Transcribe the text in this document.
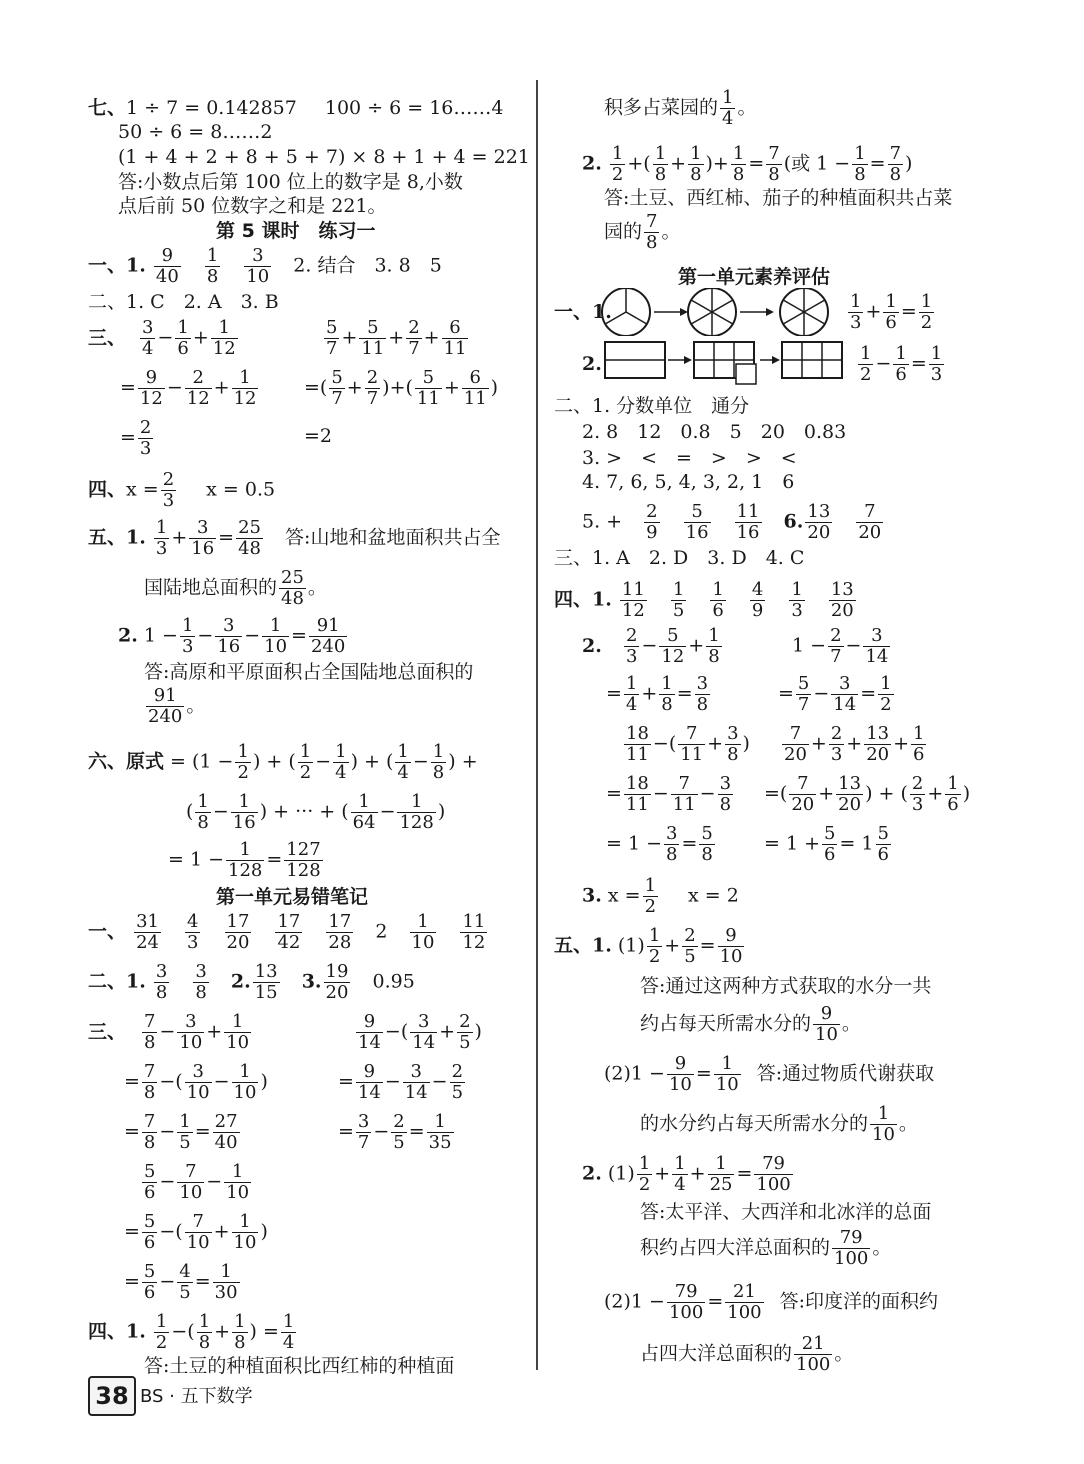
七、1 ÷ 7 = 0.142857 100 ÷ 6 = 16……4
50 ÷ 6 = 8……2
(1 + 4 + 2 + 8 + 5 + 7) × 8 + 1 + 4 = 221
答:小数点后第 100 位上的数字是 8,小数
点后前 50 位数字之和是 221。
第 5 课时　练习一
一、1. $\frac{9}{40}$
$\frac{1}{8}$
$\frac{3}{10} 2$. 结合　3. 8　5
二、1. C　2. A　3. B
三、 $\frac{3}{4} - \frac{1}{6} + \frac{1}{12}$
= $\frac{9}{12} - \frac{2}{12} + \frac{1}{12}$
= $\frac{2}{3}$
$\frac{5}{7} + \frac{5}{11} + \frac{2}{7} + \frac{6}{11}$
=( $\frac{5}{7} + \frac{2}{7}$ )+( $\frac{5}{11} + \frac{6}{11}$ )
=2
四、$x = \frac{2}{3}$ x = 0.5
五、1. $\frac{1}{3} + \frac{3}{16} = \frac{25}{48}$ 答:山地和盆地面积共占全
国陆地总面积的 $\frac{25}{48}$ 。
2. $1 - \frac{1}{3} - \frac{3}{16} - \frac{1}{10} = \frac{91}{240}$
答:高原和平原面积占全国陆地总面积的
$\frac{91}{240}$ 。
六、原式 = ($1 - \frac{1}{2}$ ) + ( $\frac{1}{2} - \frac{1}{4}$ ) + ( $\frac{1}{4} - \frac{1}{8}$ ) +
( $\frac{1}{8} - \frac{1}{16}$ ) + ··· + ( $\frac{1}{64} - \frac{1}{128}$ )
= $1 - \frac{1}{128} = \frac{127}{128}$
第一单元易错笔记
一、 $\frac{31}{24}$
$\frac{4}{3}$
$\frac{17}{20}$
$\frac{17}{42}$
$\frac{17}{28} 2 \frac{1}{10}$
$\frac{11}{12}$
二、1. $\frac{3}{8}$
$\frac{3}{8} 2$. $\frac{13}{15} 3$. $\frac{19}{20} 0.95$
三、 $\frac{7}{8} - \frac{3}{10} + \frac{1}{10}$
= $\frac{7}{8}$ −( $\frac{3}{10} - \frac{1}{10}$ )
= $\frac{7}{8} - \frac{1}{5} = \frac{27}{40}$
$\frac{5}{6} - \frac{7}{10} - \frac{1}{10}$
= $\frac{5}{6}$ −( $\frac{7}{10} + \frac{1}{10}$ )
= $\frac{5}{6} - \frac{4}{5} = \frac{1}{30}$
$\frac{9}{14}$ −( $\frac{3}{14} + \frac{2}{5}$ )
= $\frac{9}{14} - \frac{3}{14} - \frac{2}{5}$
= $\frac{3}{7} - \frac{2}{5} = \frac{1}{35}$
四、1. $\frac{1}{2}$ −( $\frac{1}{8} + \frac{1}{8}$ ) = $\frac{1}{4}$
答:土豆的种植面积比西红柿的种植面
积多占菜园的 $\frac{1}{4}$ 。
2. $\frac{1}{2}$ +( $\frac{1}{8} + \frac{1}{8}$ )+ $\frac{1}{8} = \frac{7}{8}$ (或 $1 - \frac{1}{8} = \frac{7}{8}$ )
答:土豆、西红柿、茄子的种植面积共占菜
园的 $\frac{7}{8}$ 。
第一单元素养评估
一、1.	$\frac{1}{3} + \frac{1}{6} = \frac{1}{2}$
2.	$\frac{1}{2} - \frac{1}{6} = \frac{1}{3}$
二、1. 分数单位　通分
2. 8　12　0.8　5　20　0.83
3. >　<　=　>　>　<
4. 7, 6, 5, 4, 3, 2, 1　6
5. + $\frac{2}{9}$
$\frac{5}{16}$
$\frac{11}{16} 6$. $\frac{13}{20}$
$\frac{7}{20}$
三、1. A　2. D　3. D　4. C
四、1. $\frac{11}{12}$
$\frac{1}{5}$
$\frac{1}{6}$
$\frac{4}{9}$
$\frac{1}{3}$
$\frac{13}{20}$
2. $\frac{2}{3} - \frac{5}{12} + \frac{1}{8}$
= $\frac{1}{4} + \frac{1}{8} = \frac{3}{8}$
$\frac{18}{11}$ −( $\frac{7}{11} + \frac{3}{8}$ )
= $\frac{18}{11} - \frac{7}{11} - \frac{3}{8}$
= $1 - \frac{3}{8} = \frac{5}{8}$
$1 - \frac{2}{7} - \frac{3}{14}$
= $\frac{5}{7} - \frac{3}{14} = \frac{1}{2}$
$\frac{7}{20} + \frac{2}{3} + \frac{13}{20} + \frac{1}{6}$
=( $\frac{7}{20} + \frac{13}{20}$ ) + ( $\frac{2}{3} + \frac{1}{6}$ )
= $1 + \frac{5}{6} = 1 \frac{5}{6}$
3. $x = \frac{1}{2}$ x = 2
五、1. $(1) \frac{1}{2} + \frac{2}{5} = \frac{9}{10}$
答:通过这两种方式获取的水分一共
约占每天所需水分的 $\frac{9}{10}$ 。
$(2)1 - \frac{9}{10} = \frac{1}{10}$ 答:通过物质代谢获取
的水分约占每天所需水分的 $\frac{1}{10}$ 。
2. $(1) \frac{1}{2} + \frac{1}{4} + \frac{1}{25} = \frac{79}{100}$
答:太平洋、大西洋和北冰洋的总面
积约占四大洋总面积的 $\frac{79}{100}$ 。
$(2)1 - \frac{79}{100} = \frac{21}{100}$ 答:印度洋的面积约
占四大洋总面积的 $\frac{21}{100}$ 。
38 BS · 五下数学
